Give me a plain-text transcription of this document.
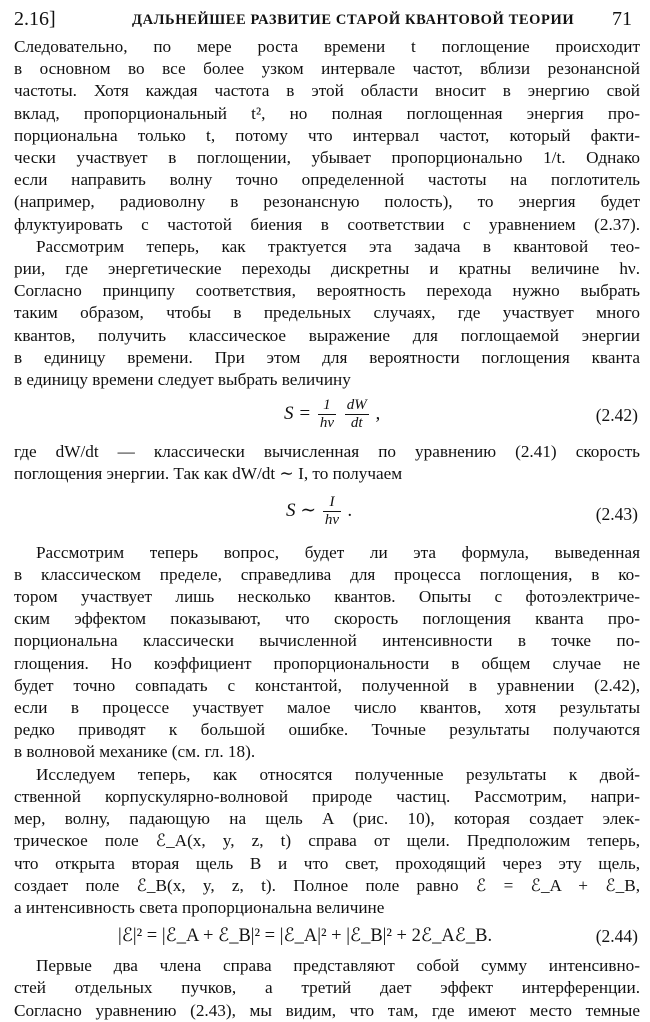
2.16]	ДАЛЬНЕЙШЕЕ РАЗВИТИЕ СТАРОЙ КВАНТОВОЙ ТЕОРИИ 71

Следовательно, по мере роста времени t поглощение происходит
в основном во все более узком интервале частот, вблизи резонансной
частоты. Хотя каждая частота в этой области вносит в энергию свой
вклад, пропорциональный t², но полная поглощенная энергия про-
порциональна только t, потому что интервал частот, который факти-
чески участвует в поглощении, убывает пропорционально 1/t. Однако
если направить волну точно определенной частоты на поглотитель
(например, радиоволну в резонансную полость), то энергия будет
флуктуировать с частотой биения в соответствии с уравнением (2.37).

Рассмотрим теперь, как трактуется эта задача в квантовой тео-
рии, где энергетические переходы дискретны и кратны величине hν.
Согласно принципу соответствия, вероятность перехода нужно выбрать
таким образом, чтобы в предельных случаях, где участвует много
квантов, получить классическое выражение для поглощаемой энергии
в единицу времени. При этом для вероятности поглощения кванта
в единицу времени следует выбрать величину

$S = \frac{1}{h\nu}$
$\frac{dW}{dt}$ ,	(2.42)

где dW/dt — классически вычисленная по уравнению (2.41) скорость
поглощения энергии. Так как dW/dt ∼ I, то получаем

S ∼ $\frac{I}{h\nu}$ .	(2.43)

Рассмотрим теперь вопрос, будет ли эта формула, выведенная
в классическом пределе, справедлива для процесса поглощения, в ко-
тором участвует лишь несколько квантов. Опыты с фотоэлектриче-
ским эффектом показывают, что скорость поглощения кванта про-
порциональна классически вычисленной интенсивности в точке по-
глощения. Но коэффициент пропорциональности в общем случае не
будет точно совпадать с константой, полученной в уравнении (2.42),
если в процессе участвует малое число квантов, хотя результаты
редко приводят к большой ошибке. Точные результаты получаются
в волновой механике (см. гл. 18).

Исследуем теперь, как относятся полученные результаты к двой-
ственной корпускулярно-волновой природе частиц. Рассмотрим, напри-
мер, волну, падающую на щель A (рис. 10), которая создает элек-
трическое поле ℰ_A(x, y, z, t) справа от щели. Предположим теперь,
что открыта вторая щель B и что свет, проходящий через эту щель,
создает поле ℰ_B(x, y, z, t). Полное поле равно ℰ = ℰ_A + ℰ_B,
а интенсивность света пропорциональна величине

|ℰ|² = |ℰ_A + ℰ_B|² = |ℰ_A|² + |ℰ_B|² + 2ℰ_Aℰ_B.	(2.44)

Первые два члена справа представляют собой сумму интенсивно-
стей отдельных пучков, а третий дает эффект интерференции.
Согласно уравнению (2.43), мы видим, что там, где имеют место темные
